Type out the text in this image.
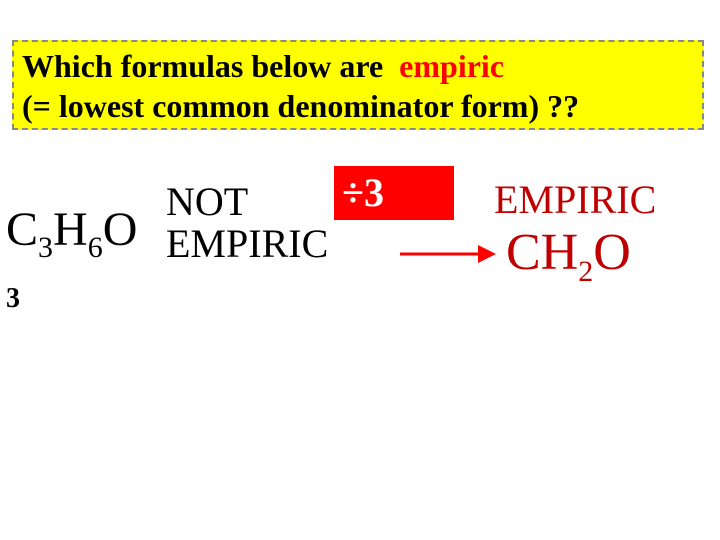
Which formulas below are empiric
(= lowest common denominator form) ??
$C_3H_6O$
3
NOT
EMPIRIC
÷3	EMPIRIC
$CH_2O$
